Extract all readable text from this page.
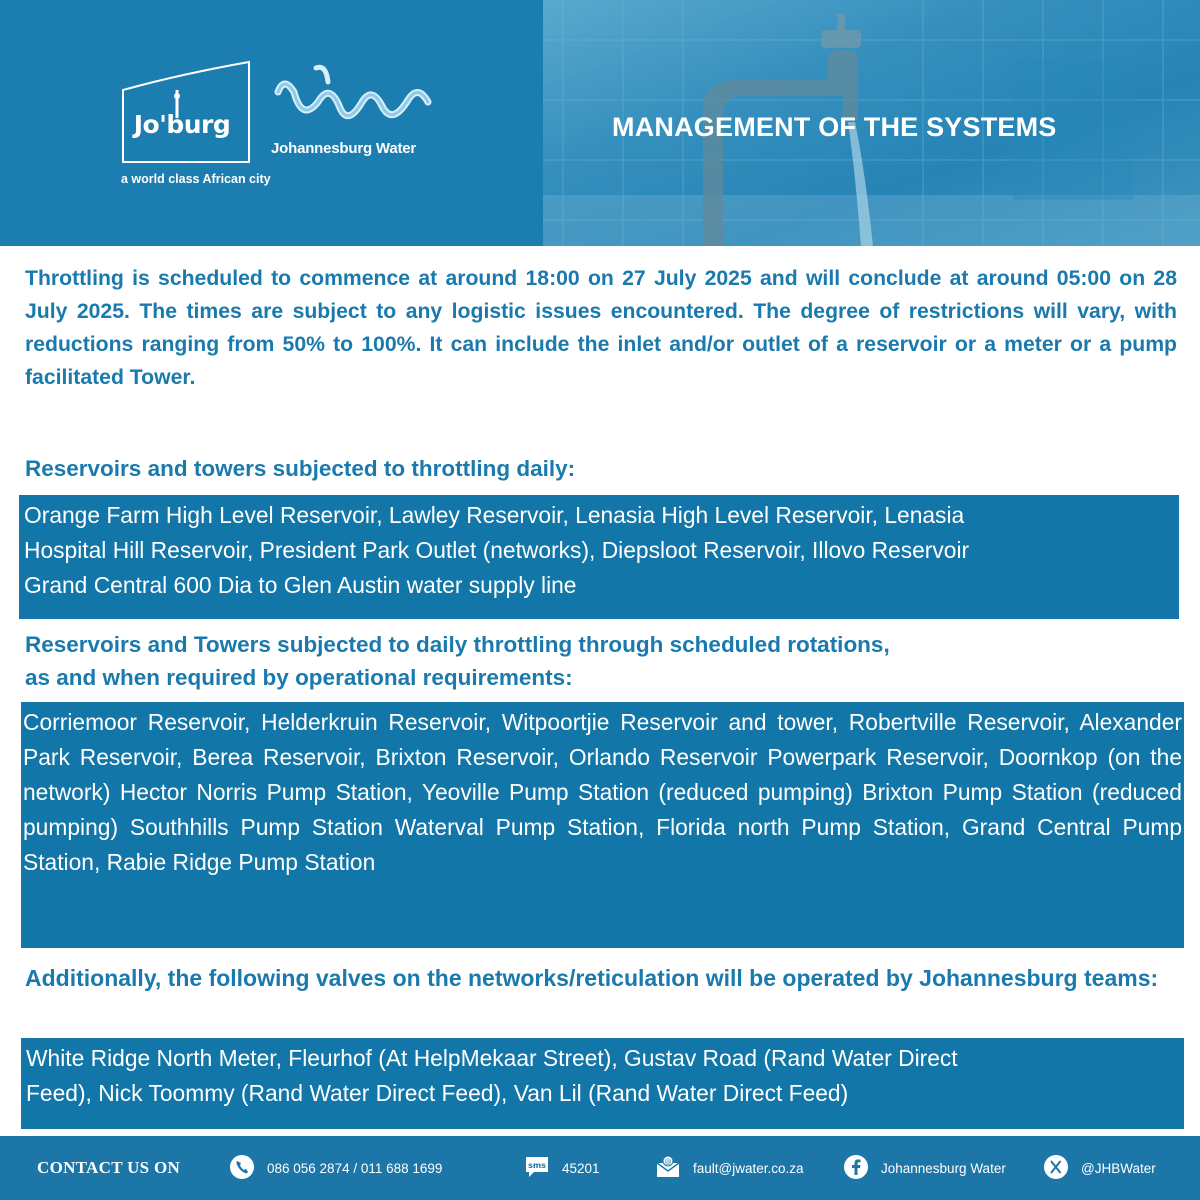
Jo'burg
a world class African city
Johannesburg Water
MANAGEMENT OF THE SYSTEMS
Throttling is scheduled to commence at around 18:00 on 27 July 2025 and will conclude at around 05:00 on 28 July 2025. The times are subject to any logistic issues encountered. The degree of restrictions will vary, with reductions ranging from 50% to 100%. It can include the inlet and/or outlet of a reservoir or a meter or a pump facilitated Tower.
Reservoirs and towers subjected to throttling daily:
Orange Farm High Level Reservoir, Lawley Reservoir, Lenasia High Level Reservoir, Lenasia
Hospital Hill Reservoir, President Park Outlet (networks), Diepsloot Reservoir, Illovo Reservoir
Grand Central 600 Dia to Glen Austin water supply line
Reservoirs and Towers subjected to daily throttling through scheduled rotations,
as and when required by operational requirements:
Corriemoor Reservoir, Helderkruin Reservoir, Witpoortjie Reservoir and tower, Robertville Reservoir, Alexander Park Reservoir, Berea Reservoir, Brixton Reservoir, Orlando Reservoir Powerpark Reservoir, Doornkop (on the network) Hector Norris Pump Station, Yeoville Pump Station (reduced pumping) Brixton Pump Station (reduced pumping) Southhills Pump Station Waterval Pump Station, Florida north Pump Station, Grand Central Pump Station, Rabie Ridge Pump Station
Additionally, the following valves on the networks/reticulation will be operated by Johannesburg teams:
White Ridge North Meter, Fleurhof (At HelpMekaar Street), Gustav Road (Rand Water Direct
Feed), Nick Toommy (Rand Water Direct Feed), Van Lil (Rand Water Direct Feed)
CONTACT US ON	086 056 2874 / 011 688 1699	sms 45201	@ fault@jwater.co.za	Johannesburg Water	@JHBWater
